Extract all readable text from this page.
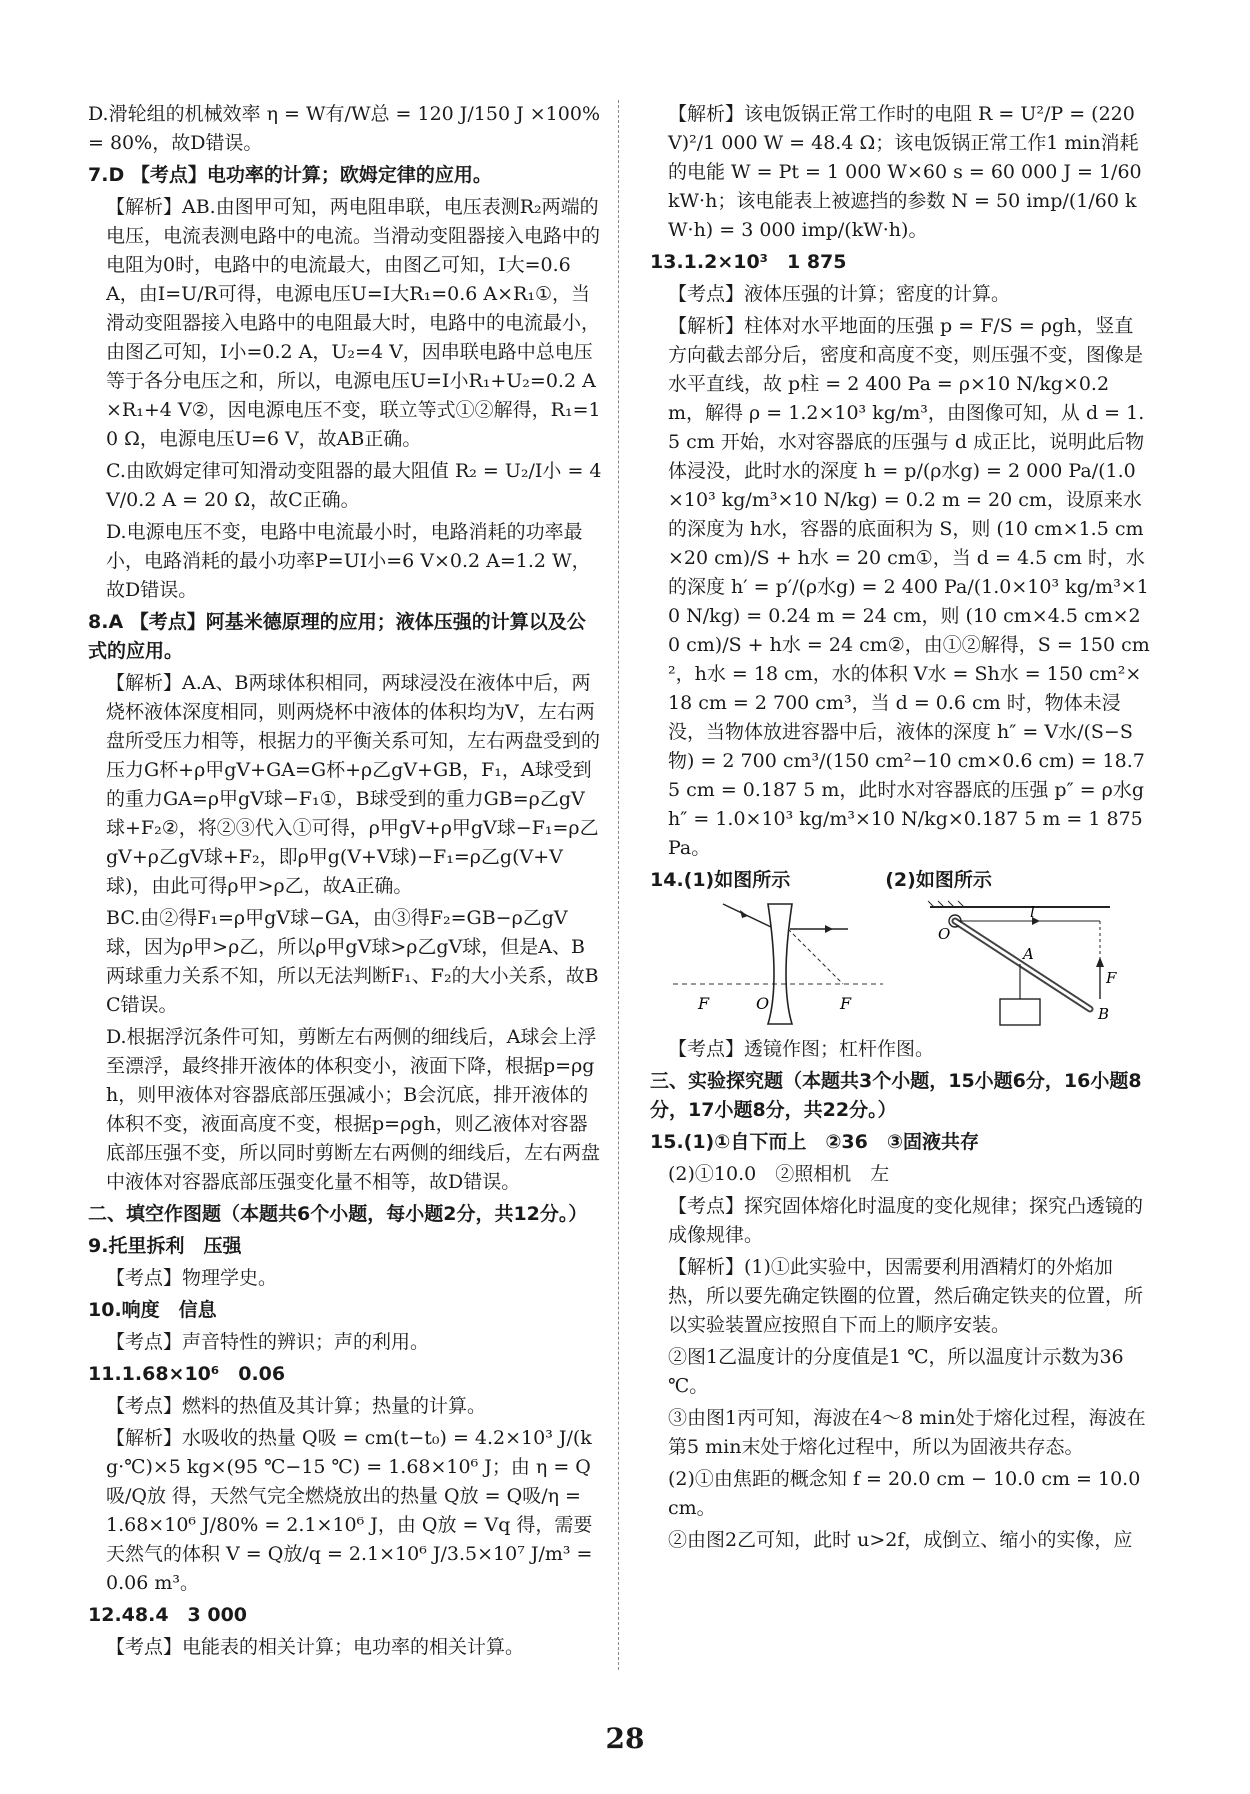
D.滑轮组的机械效率 η = W有/W总 = 120 J/150 J ×100% = 80%，故D错误。

7.D 【考点】电功率的计算；欧姆定律的应用。

【解析】AB.由图甲可知，两电阻串联，电压表测R₂两端的电压，电流表测电路中的电流。当滑动变阻器接入电路中的电阻为0时，电路中的电流最大，由图乙可知，I大=0.6 A，由I=U/R可得，电源电压U=I大R₁=0.6 A×R₁①，当滑动变阻器接入电路中的电阻最大时，电路中的电流最小，由图乙可知，I小=0.2 A，U₂=4 V，因串联电路中总电压等于各分电压之和，所以，电源电压U=I小R₁+U₂=0.2 A×R₁+4 V②，因电源电压不变，联立等式①②解得，R₁=10 Ω，电源电压U=6 V，故AB正确。

C.由欧姆定律可知滑动变阻器的最大阻值 R₂ = U₂/I小 = 4 V/0.2 A = 20 Ω，故C正确。

D.电源电压不变，电路中电流最小时，电路消耗的功率最小，电路消耗的最小功率P=UI小=6 V×0.2 A=1.2 W，故D错误。

8.A 【考点】阿基米德原理的应用；液体压强的计算以及公式的应用。

【解析】A.A、B两球体积相同，两球浸没在液体中后，两烧杯液体深度相同，则两烧杯中液体的体积均为V，左右两盘所受压力相等，根据力的平衡关系可知，左右两盘受到的压力G杯+ρ甲gV+GA=G杯+ρ乙gV+GB，F₁，A球受到的重力GA=ρ甲gV球−F₁①，B球受到的重力GB=ρ乙gV球+F₂②，将②③代入①可得，ρ甲gV+ρ甲gV球−F₁=ρ乙gV+ρ乙gV球+F₂，即ρ甲g(V+V球)−F₁=ρ乙g(V+V球)，由此可得ρ甲>ρ乙，故A正确。

BC.由②得F₁=ρ甲gV球−GA，由③得F₂=GB−ρ乙gV球，因为ρ甲>ρ乙，所以ρ甲gV球>ρ乙gV球，但是A、B两球重力关系不知，所以无法判断F₁、F₂的大小关系，故BC错误。

D.根据浮沉条件可知，剪断左右两侧的细线后，A球会上浮至漂浮，最终排开液体的体积变小，液面下降，根据p=ρgh，则甲液体对容器底部压强减小；B会沉底，排开液体的体积不变，液面高度不变，根据p=ρgh，则乙液体对容器底部压强不变，所以同时剪断左右两侧的细线后，左右两盘中液体对容器底部压强变化量不相等，故D错误。

二、填空作图题（本题共6个小题，每小题2分，共12分。）

9.托里拆利　压强

【考点】物理学史。

10.响度　信息

【考点】声音特性的辨识；声的利用。

11.1.68×10⁶　0.06

【考点】燃料的热值及其计算；热量的计算。

【解析】水吸收的热量 Q吸 = cm(t−t₀) = 4.2×10³ J/(kg·℃)×5 kg×(95 ℃−15 ℃) = 1.68×10⁶ J；由 η = Q吸/Q放 得，天然气完全燃烧放出的热量 Q放 = Q吸/η = 1.68×10⁶ J/80% = 2.1×10⁶ J，由 Q放 = Vq 得，需要天然气的体积 V = Q放/q = 2.1×10⁶ J/3.5×10⁷ J/m³ = 0.06 m³。

12.48.4　3 000

【考点】电能表的相关计算；电功率的相关计算。

【解析】该电饭锅正常工作时的电阻 R = U²/P = (220 V)²/1 000 W = 48.4 Ω；该电饭锅正常工作1 min消耗的电能 W = Pt = 1 000 W×60 s = 60 000 J = 1/60 kW·h；该电能表上被遮挡的参数 N = 50 imp/(1/60 kW·h) = 3 000 imp/(kW·h)。

13.1.2×10³　1 875

【考点】液体压强的计算；密度的计算。

【解析】柱体对水平地面的压强 p = F/S = ρgh，竖直方向截去部分后，密度和高度不变，则压强不变，图像是水平直线，故 p柱 = 2 400 Pa = ρ×10 N/kg×0.2 m，解得 ρ = 1.2×10³ kg/m³，由图像可知，从 d = 1.5 cm 开始，水对容器底的压强与 d 成正比，说明此后物体浸没，此时水的深度 h = p/(ρ水g) = 2 000 Pa/(1.0×10³ kg/m³×10 N/kg) = 0.2 m = 20 cm，设原来水的深度为 h水，容器的底面积为 S，则 (10 cm×1.5 cm×20 cm)/S + h水 = 20 cm①，当 d = 4.5 cm 时，水的深度 h′ = p′/(ρ水g) = 2 400 Pa/(1.0×10³ kg/m³×10 N/kg) = 0.24 m = 24 cm，则 (10 cm×4.5 cm×20 cm)/S + h水 = 24 cm②，由①②解得，S = 150 cm²，h水 = 18 cm，水的体积 V水 = Sh水 = 150 cm²×18 cm = 2 700 cm³，当 d = 0.6 cm 时，物体未浸没，当物体放进容器中后，液体的深度 h″ = V水/(S−S物) = 2 700 cm³/(150 cm²−10 cm×0.6 cm) = 18.75 cm = 0.187 5 m，此时水对容器底的压强 p″ = ρ水gh″ = 1.0×10³ kg/m³×10 N/kg×0.187 5 m = 1 875 Pa。

14.(1)如图所示　　　　　(2)如图所示

F	O	F
O
l
A
F
B

【考点】透镜作图；杠杆作图。

三、实验探究题（本题共3个小题，15小题6分，16小题8分，17小题8分，共22分。）

15.(1)①自下而上　②36　③固液共存

(2)①10.0　②照相机　左

【考点】探究固体熔化时温度的变化规律；探究凸透镜的成像规律。

【解析】(1)①此实验中，因需要利用酒精灯的外焰加热，所以要先确定铁圈的位置，然后确定铁夹的位置，所以实验装置应按照自下而上的顺序安装。

②图1乙温度计的分度值是1 ℃，所以温度计示数为36 ℃。

③由图1丙可知，海波在4～8 min处于熔化过程，海波在第5 min末处于熔化过程中，所以为固液共存态。

(2)①由焦距的概念知 f = 20.0 cm − 10.0 cm = 10.0 cm。

②由图2乙可知，此时 u>2f，成倒立、缩小的实像，应

28
